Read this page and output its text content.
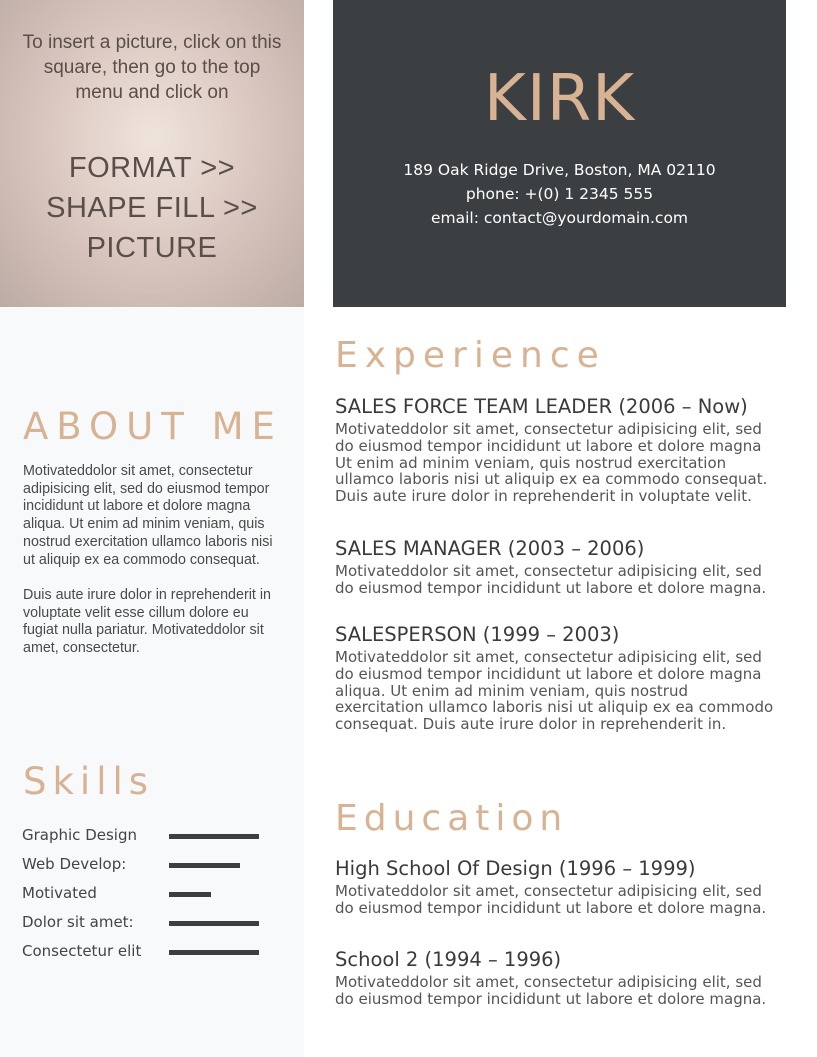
To insert a picture, click on this square, then go to the top menu and click on
FORMAT >>
SHAPE FILL >>
PICTURE
KIRK
189 Oak Ridge Drive, Boston, MA 02110
phone: +(0) 1 2345 555
email: contact@yourdomain.com
ABOUT ME

Motivateddolor sit amet, consectetur adipisicing elit, sed do eiusmod tempor incididunt ut labore et dolore magna aliqua. Ut enim ad minim veniam, quis nostrud exercitation ullamco laboris nisi ut aliquip ex ea commodo consequat.

Duis aute irure dolor in reprehenderit in voluptate velit esse cillum dolore eu fugiat nulla pariatur. Motivateddolor sit amet, consectetur.

Skills
Graphic Design
Web Develop:
Motivated
Dolor sit amet:
Consectetur elit
Experience
SALES FORCE TEAM LEADER (2006 – Now)
Motivateddolor sit amet, consectetur adipisicing elit, sed do eiusmod tempor incididunt ut labore et dolore magna Ut enim ad minim veniam, quis nostrud exercitation ullamco laboris nisi ut aliquip ex ea commodo consequat. Duis aute irure dolor in reprehenderit in voluptate velit.
SALES MANAGER (2003 – 2006)
Motivateddolor sit amet, consectetur adipisicing elit, sed do eiusmod tempor incididunt ut labore et dolore magna.
SALESPERSON (1999 – 2003)
Motivateddolor sit amet, consectetur adipisicing elit, sed do eiusmod tempor incididunt ut labore et dolore magna aliqua. Ut enim ad minim veniam, quis nostrud exercitation ullamco laboris nisi ut aliquip ex ea commodo consequat. Duis aute irure dolor in reprehenderit in.
Education
High School Of Design (1996 – 1999)
Motivateddolor sit amet, consectetur adipisicing elit, sed do eiusmod tempor incididunt ut labore et dolore magna.
School 2 (1994 – 1996)
Motivateddolor sit amet, consectetur adipisicing elit, sed do eiusmod tempor incididunt ut labore et dolore magna.
